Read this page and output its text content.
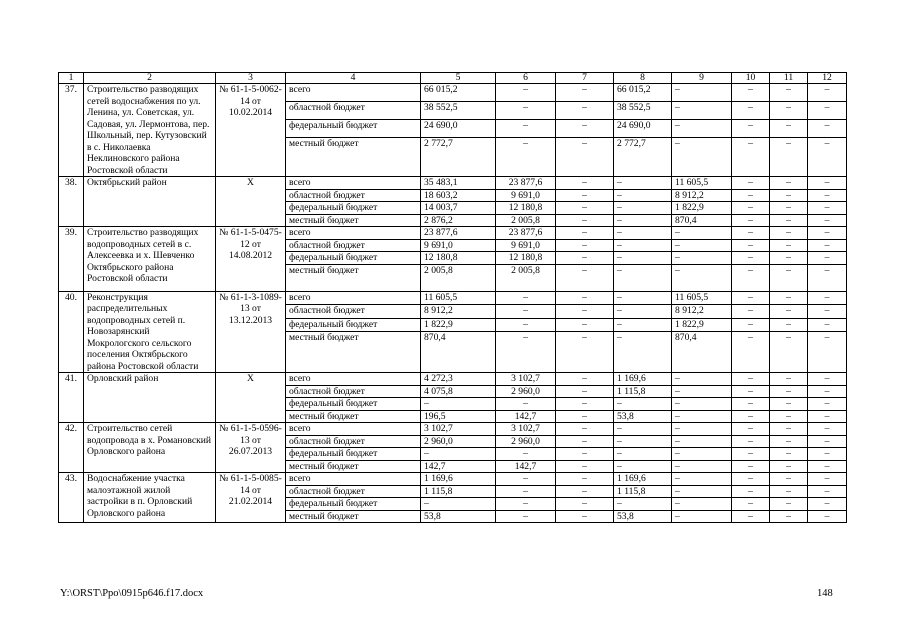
1	2	3	4	5	6	7	8	9	10	11	12
37.	Строительство разводящих сетей водоснабжения по ул. Ленина, ул. Советская, ул. Садовая, ул. Лермонтова, пер. Школьный, пер. Кутузовский в с. Николаевка Неклиновского района Ростовской области	№ 61-1-5-0062-14 от 10.02.2014	всего	66 015,2	–	–	66 015,2	–	–	–	–
			областной бюджет	38 552,5	–	–	38 552,5	–	–	–	–
			федеральный бюджет	24 690,0	–	–	24 690,0	–	–	–	–
			местный бюджет	2 772,7	–	–	2 772,7	–	–	–	–
38.	Октябрьский район	Х	всего	35 483,1	23 877,6	–	–	11 605,5	–	–	–
			областной бюджет	18 603,2	9 691,0	–	–	8 912,2	–	–	–
			федеральный бюджет	14 003,7	12 180,8	–	–	1 822,9	–	–	–
			местный бюджет	2 876,2	2 005,8	–	–	870,4	–	–	–
39.	Строительство разводящих водопроводных сетей в с. Алексеевка и х. Шевченко Октябрьского района Ростовской области	№ 61-1-5-0475-12 от 14.08.2012	всего	23 877,6	23 877,6	–	–	–	–	–	–
			областной бюджет	9 691,0	9 691,0	–	–	–	–	–	–
			федеральный бюджет	12 180,8	12 180,8	–	–	–	–	–	–
			местный бюджет	2 005,8	2 005,8	–	–	–	–	–	–
40.	Реконструкция распределительных водопроводных сетей п. Новозарянский Мокрологского сельского поселения Октябрьского района Ростовской области	№ 61-1-3-1089-13 от 13.12.2013	всего	11 605,5	–	–	–	11 605,5	–	–	–
			областной бюджет	8 912,2	–	–	–	8 912,2	–	–	–
			федеральный бюджет	1 822,9	–	–	–	1 822,9	–	–	–
			местный бюджет	870,4	–	–	–	870,4	–	–	–
41.	Орловский район	Х	всего	4 272,3	3 102,7	–	1 169,6	–	–	–	–
			областной бюджет	4 075,8	2 960,0	–	1 115,8	–	–	–	–
			федеральный бюджет	–	–	–	–	–	–	–	–
			местный бюджет	196,5	142,7	–	53,8	–	–	–	–
42.	Строительство сетей водопровода в х. Романовский Орловского района	№ 61-1-5-0596-13 от 26.07.2013	всего	3 102,7	3 102,7	–	–	–	–	–	–
			областной бюджет	2 960,0	2 960,0	–	–	–	–	–	–
			федеральный бюджет	–	–	–	–	–	–	–	–
			местный бюджет	142,7	142,7	–	–	–	–	–	–
43.	Водоснабжение участка малоэтажной жилой застройки в п. Орловский Орловского района	№ 61-1-5-0085-14 от 21.02.2014	всего	1 169,6	–	–	1 169,6	–	–	–	–
			областной бюджет	1 115,8	–	–	1 115,8	–	–	–	–
			федеральный бюджет	–	–	–	–	–	–	–	–
			местный бюджет	53,8	–	–	53,8	–	–	–	–
Y:\ORST\Ppo\0915p646.f17.docx	148
